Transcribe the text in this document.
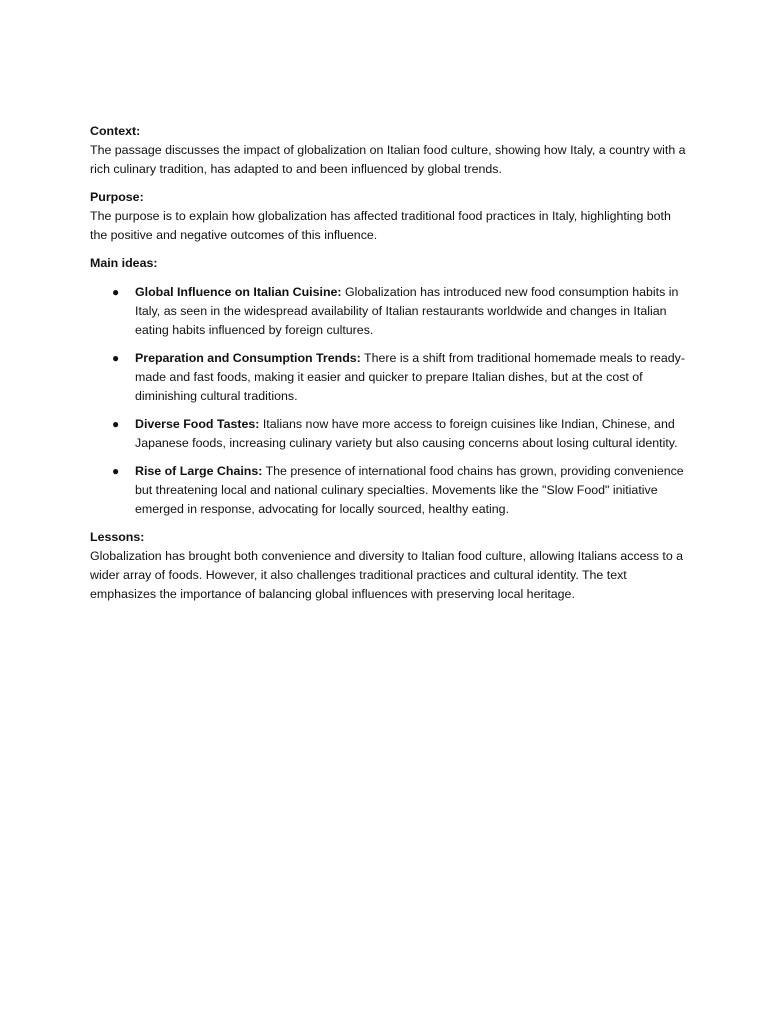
Context:
The passage discusses the impact of globalization on Italian food culture, showing how Italy, a country with a rich culinary tradition, has adapted to and been influenced by global trends.
Purpose:
The purpose is to explain how globalization has affected traditional food practices in Italy, highlighting both the positive and negative outcomes of this influence.
Main ideas:
● Global Influence on Italian Cuisine: Globalization has introduced new food consumption habits in Italy, as seen in the widespread availability of Italian restaurants worldwide and changes in Italian eating habits influenced by foreign cultures.
● Preparation and Consumption Trends: There is a shift from traditional homemade meals to ready-made and fast foods, making it easier and quicker to prepare Italian dishes, but at the cost of diminishing cultural traditions.
● Diverse Food Tastes: Italians now have more access to foreign cuisines like Indian, Chinese, and Japanese foods, increasing culinary variety but also causing concerns about losing cultural identity.
● Rise of Large Chains: The presence of international food chains has grown, providing convenience but threatening local and national culinary specialties. Movements like the "Slow Food" initiative emerged in response, advocating for locally sourced, healthy eating.
Lessons:
Globalization has brought both convenience and diversity to Italian food culture, allowing Italians access to a wider array of foods. However, it also challenges traditional practices and cultural identity. The text emphasizes the importance of balancing global influences with preserving local heritage.
